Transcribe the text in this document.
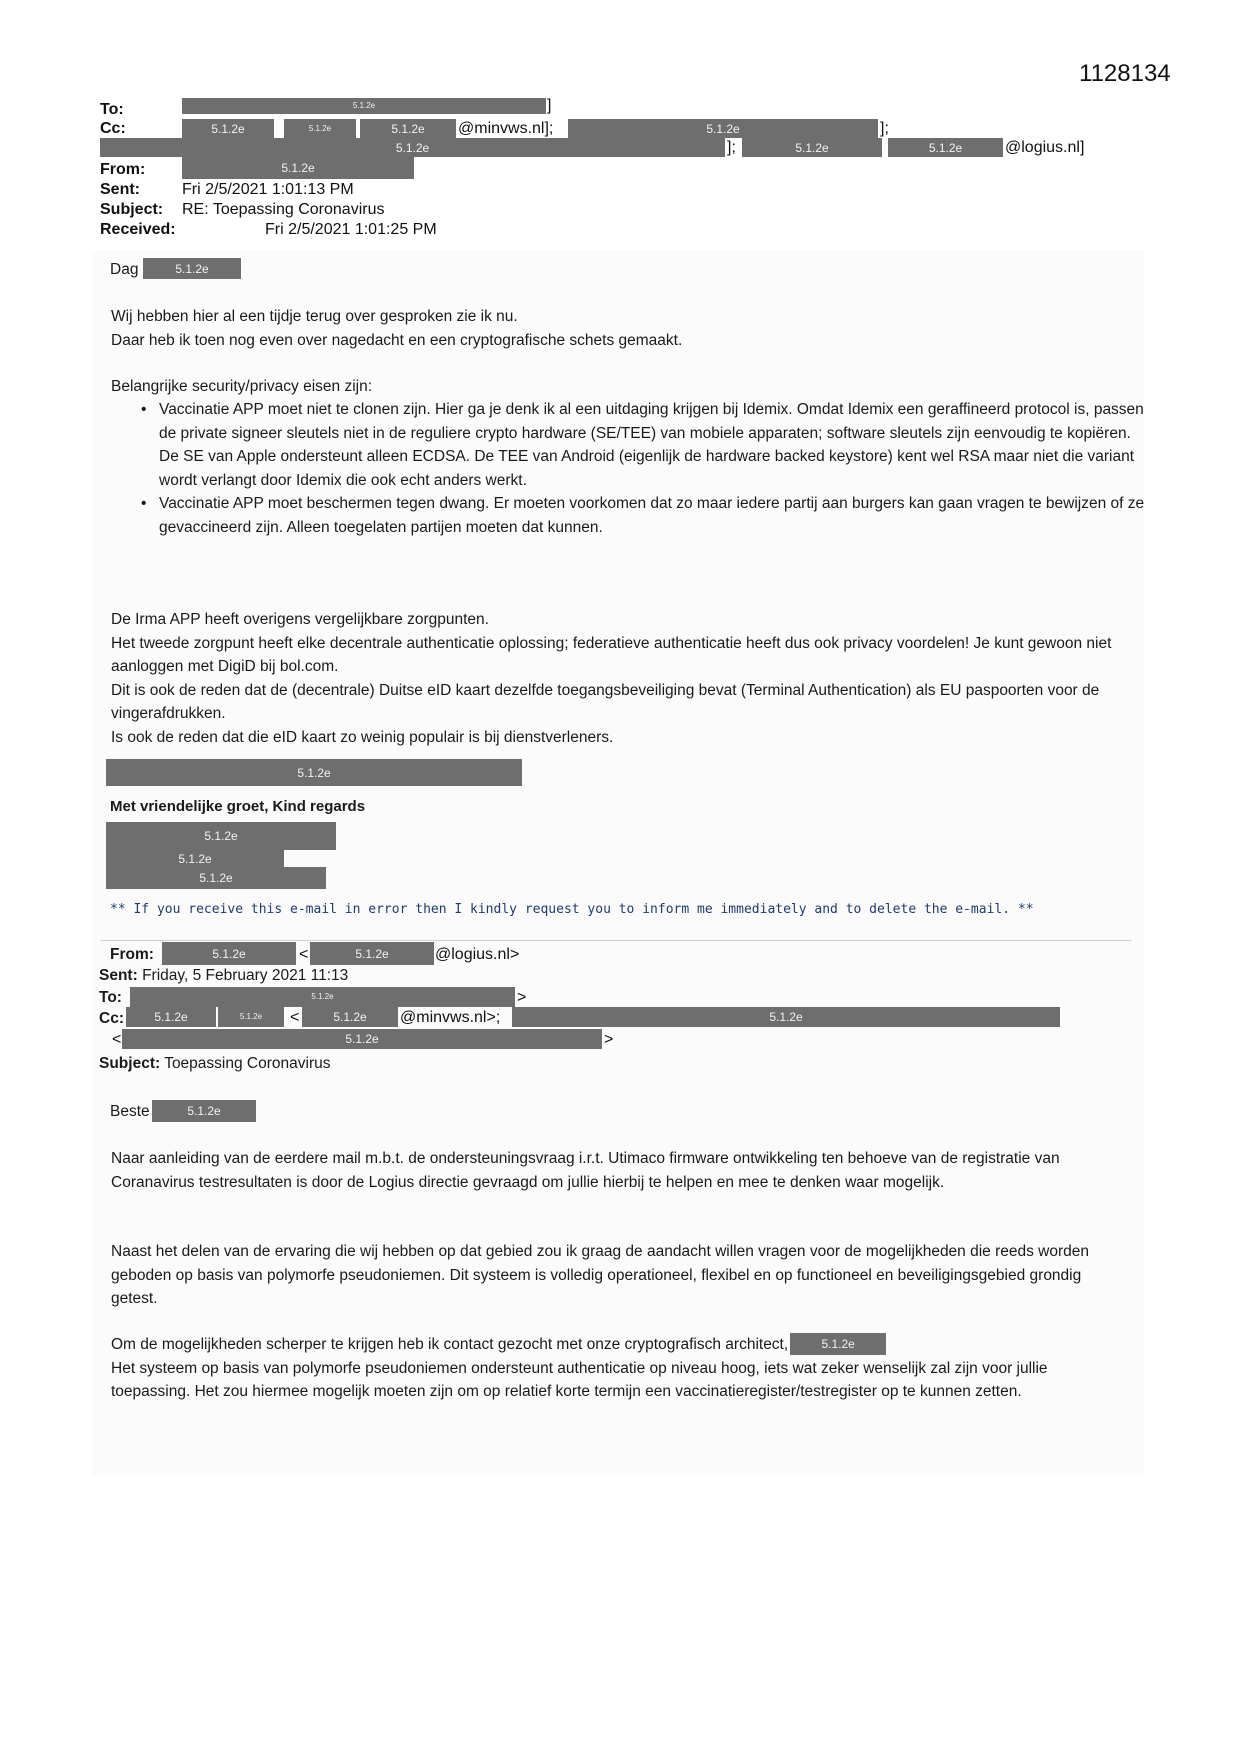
1128134
To:	5.1.2e	]
Cc:	5.1.2e	5.1.2e	5.1.2e	@minvws.nl];	5.1.2e	];
5.1.2e	];	5.1.2e	5.1.2e	@logius.nl]
From:	5.1.2e
Sent:	Fri 2/5/2021 1:01:13 PM
Subject: RE: Toepassing Coronavirus
Received:	Fri 2/5/2021 1:01:25 PM
Dag	5.1.2e
Wij hebben hier al een tijdje terug over gesproken zie ik nu.
Daar heb ik toen nog even over nagedacht en een cryptografische schets gemaakt.
Belangrijke security/privacy eisen zijn:
• Vaccinatie APP moet niet te clonen zijn. Hier ga je denk ik al een uitdaging krijgen bij Idemix. Omdat Idemix een geraffineerd protocol is, passen de private signeer sleutels niet in de reguliere crypto hardware (SE/TEE) van mobiele apparaten; software sleutels zijn eenvoudig te kopiëren. De SE van Apple ondersteunt alleen ECDSA. De TEE van Android (eigenlijk de hardware backed keystore) kent wel RSA maar niet die variant wordt verlangt door Idemix die ook echt anders werkt.
• Vaccinatie APP moet beschermen tegen dwang. Er moeten voorkomen dat zo maar iedere partij aan burgers kan gaan vragen te bewijzen of ze gevaccineerd zijn. Alleen toegelaten partijen moeten dat kunnen.
De Irma APP heeft overigens vergelijkbare zorgpunten.
Het tweede zorgpunt heeft elke decentrale authenticatie oplossing; federatieve authenticatie heeft dus ook privacy voordelen! Je kunt gewoon niet aanloggen met DigiD bij bol.com.
Dit is ook de reden dat de (decentrale) Duitse eID kaart dezelfde toegangsbeveiliging bevat (Terminal Authentication) als EU paspoorten voor de vingerafdrukken.
Is ook de reden dat die eID kaart zo weinig populair is bij dienstverleners.
5.1.2e
Met vriendelijke groet, Kind regards
5.1.2e
5.1.2e
5.1.2e
** If you receive this e-mail in error then I kindly request you to inform me immediately and to delete the e-mail. **
From:	5.1.2e	<	5.1.2e	@logius.nl>
Sent: Friday, 5 February 2021 11:13
To:	5.1.2e	>
Cc:	5.1.2e	5.1.2e	<	5.1.2e	@minvws.nl>;	5.1.2e
<	5.1.2e	>
Subject: Toepassing Coronavirus
Beste	5.1.2e
Naar aanleiding van de eerdere mail m.b.t. de ondersteuningsvraag i.r.t. Utimaco firmware ontwikkeling ten behoeve van de registratie van Coranavirus testresultaten is door de Logius directie gevraagd om jullie hierbij te helpen en mee te denken waar mogelijk.
Naast het delen van de ervaring die wij hebben op dat gebied zou ik graag de aandacht willen vragen voor de mogelijkheden die reeds worden geboden op basis van polymorfe pseudoniemen. Dit systeem is volledig operationeel, flexibel en op functioneel en beveiligingsgebied grondig getest.
Om de mogelijkheden scherper te krijgen heb ik contact gezocht met onze cryptografisch architect,	5.1.2e
Het systeem op basis van polymorfe pseudoniemen ondersteunt authenticatie op niveau hoog, iets wat zeker wenselijk zal zijn voor jullie toepassing. Het zou hiermee mogelijk moeten zijn om op relatief korte termijn een vaccinatieregister/testregister op te kunnen zetten.
